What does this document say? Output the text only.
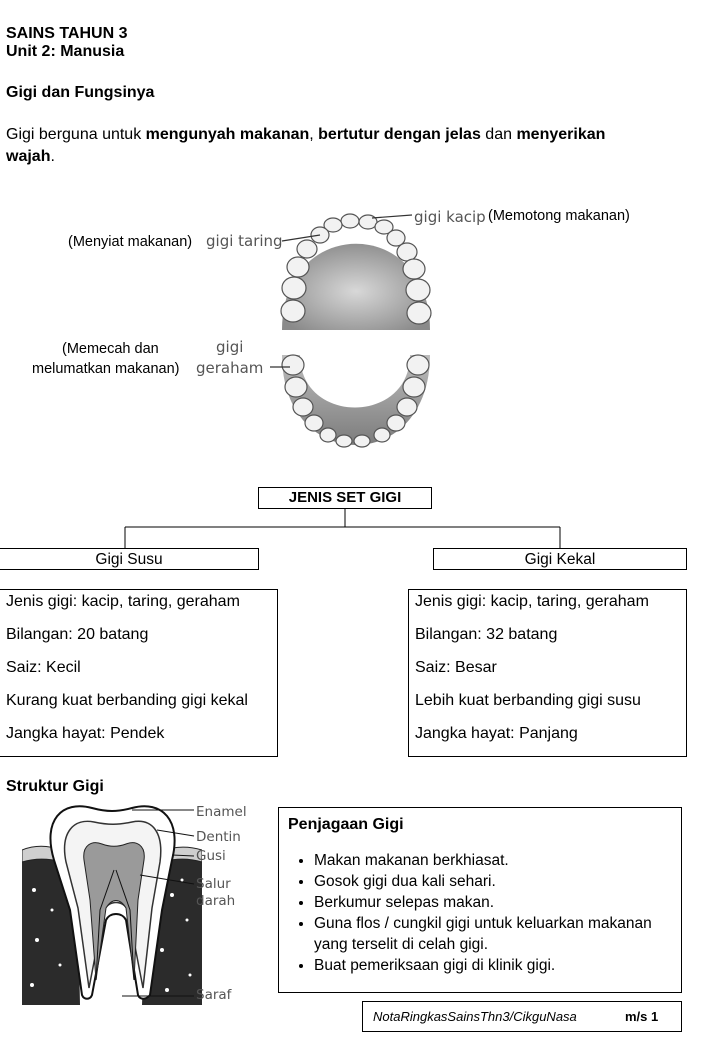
SAINS TAHUN 3
Unit 2: Manusia
Gigi dan Fungsinya
Gigi berguna untuk mengunyah makanan, bertutur dengan jelas dan menyerikan
wajah.
gigi kacip (Memotong makanan)
(Menyiat makanan) gigi taring
(Memecah dan
melumatkan makanan)
gigi
geraham
JENIS SET GIGI
Gigi Susu	Gigi Kekal
Jenis gigi: kacip, taring, geraham
Bilangan: 20 batang
Saiz: Kecil
Kurang kuat berbanding gigi kekal
Jangka hayat: Pendek
Jenis gigi: kacip, taring, geraham
Bilangan: 32 batang
Saiz: Besar
Lebih kuat berbanding gigi susu
Jangka hayat: Panjang
Struktur Gigi
Enamel
Dentin
Gusi
Salur
darah
Saraf
Penjagaan Gigi
• Makan makanan berkhiasat.
• Gosok gigi dua kali sehari.
• Berkumur selepas makan.
• Guna flos / cungkil gigi untuk keluarkan makanan yang terselit di celah gigi.
• Buat pemeriksaan gigi di klinik gigi.
NotaRingkasSainsThn3/CikguNasa	m/s 1
